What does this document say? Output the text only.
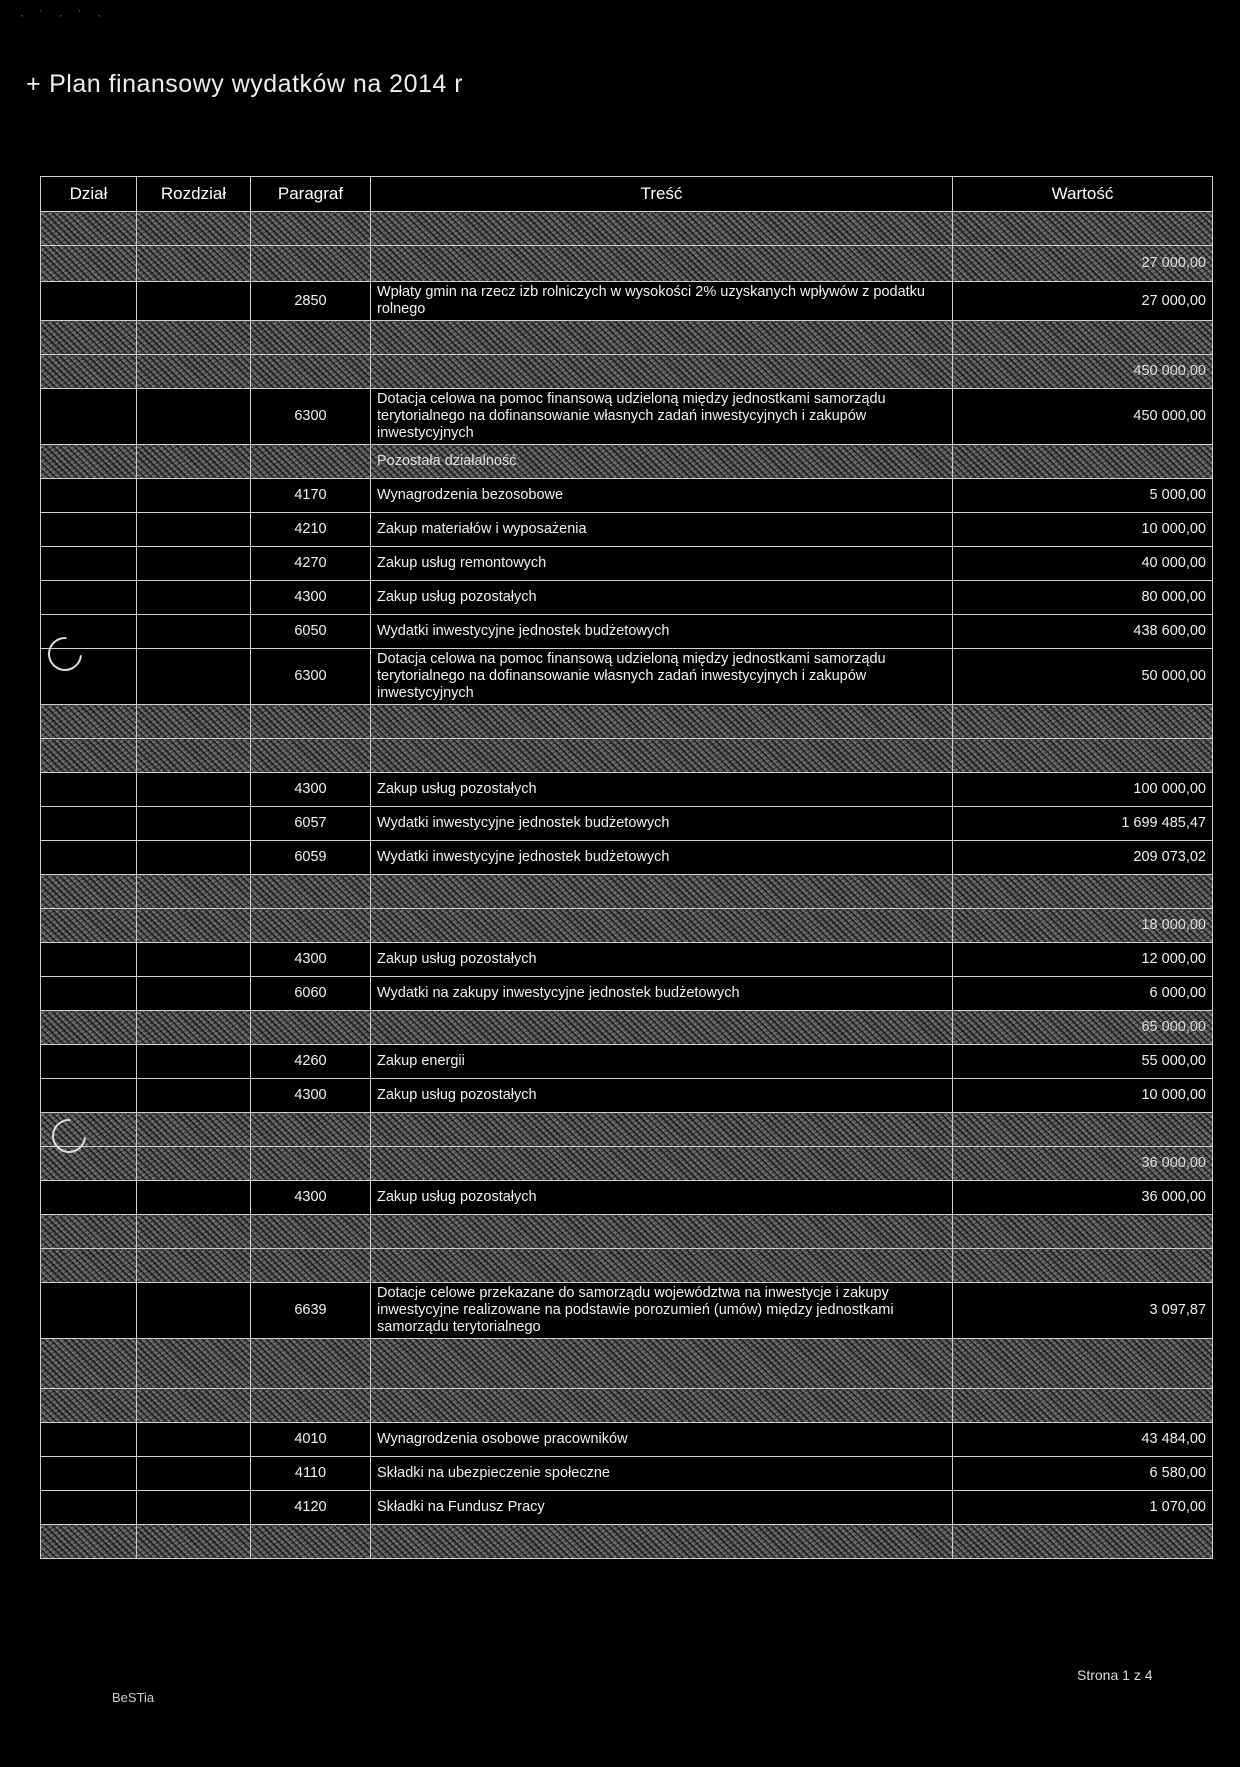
· ˙ · ˙ ·
+ Plan finansowy wydatków na 2014 r
Dział	Rozdział	Paragraf	Treść	Wartość

				27 000,00
		2850	Wpłaty gmin na rzecz izb rolniczych w wysokości 2% uzyskanych wpływów z podatku rolnego	27 000,00

				450 000,00
		6300	Dotacja celowa na pomoc finansową udzieloną między jednostkami samorządu terytorialnego na dofinansowanie własnych zadań inwestycyjnych i zakupów inwestycyjnych	450 000,00
			Pozostała działalność	
		4170	Wynagrodzenia bezosobowe	5 000,00
		4210	Zakup materiałów i wyposażenia	10 000,00
		4270	Zakup usług remontowych	40 000,00
		4300	Zakup usług pozostałych	80 000,00
		6050	Wydatki inwestycyjne jednostek budżetowych	438 600,00
		6300	Dotacja celowa na pomoc finansową udzieloną między jednostkami samorządu terytorialnego na dofinansowanie własnych zadań inwestycyjnych i zakupów inwestycyjnych	50 000,00

		4300	Zakup usług pozostałych	100 000,00
		6057	Wydatki inwestycyjne jednostek budżetowych	1 699 485,47
		6059	Wydatki inwestycyjne jednostek budżetowych	209 073,02

				18 000,00
		4300	Zakup usług pozostałych	12 000,00
		6060	Wydatki na zakupy inwestycyjne jednostek budżetowych	6 000,00
				65 000,00
		4260	Zakup energii	55 000,00
		4300	Zakup usług pozostałych	10 000,00

				36 000,00
		4300	Zakup usług pozostałych	36 000,00

		6639	Dotacje celowe przekazane do samorządu województwa na inwestycje i zakupy inwestycyjne realizowane na podstawie porozumień (umów) między jednostkami samorządu terytorialnego	3 097,87

		4010	Wynagrodzenia osobowe pracowników	43 484,00
		4110	Składki na ubezpieczenie społeczne	6 580,00
		4120	Składki na Fundusz Pracy	1 070,00

BeSTia
Strona 1 z 4
